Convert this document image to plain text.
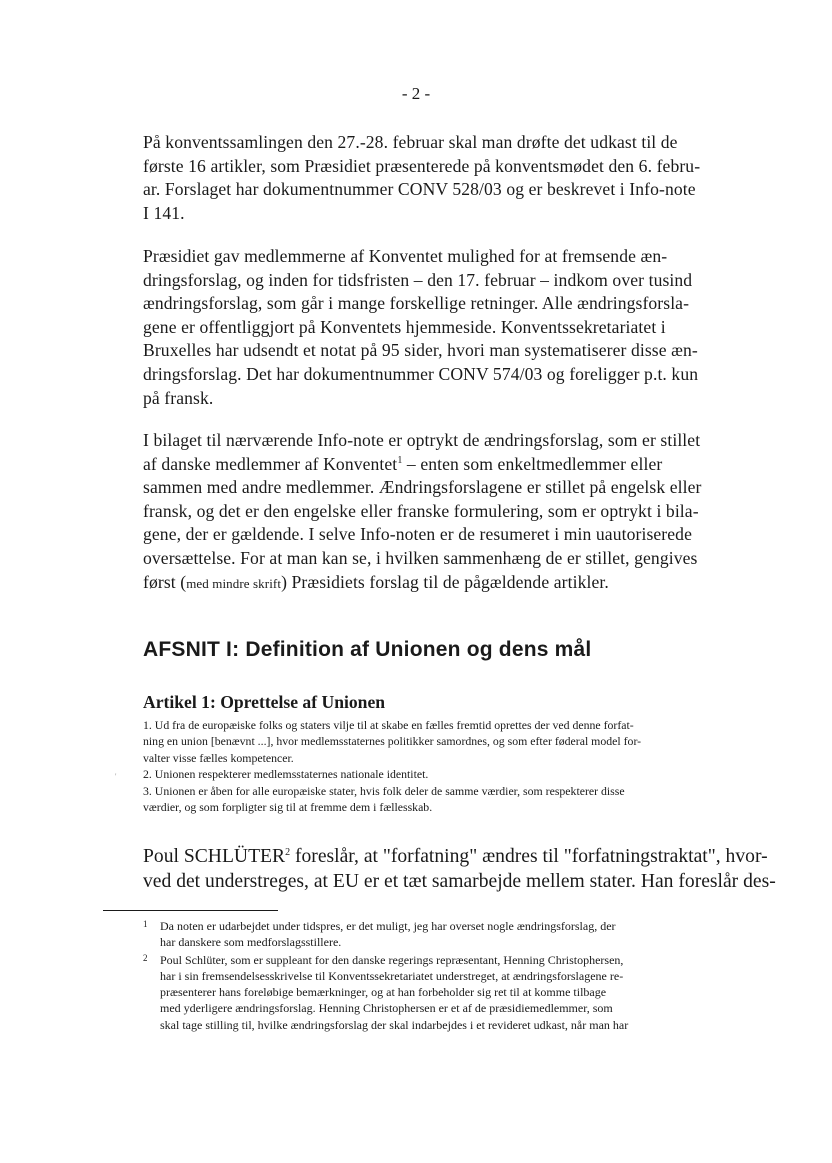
- 2 -

På konventssamlingen den 27.-28. februar skal man drøfte det udkast til de
første 16 artikler, som Præsidiet præsenterede på konventsmødet den 6. febru-
ar. Forslaget har dokumentnummer CONV 528/03 og er beskrevet i Info-note
I 141.

Præsidiet gav medlemmerne af Konventet mulighed for at fremsende æn-
dringsforslag, og inden for tidsfristen – den 17. februar – indkom over tusind
ændringsforslag, som går i mange forskellige retninger. Alle ændringsforsla-
gene er offentliggjort på Konventets hjemmeside. Konventssekretariatet i
Bruxelles har udsendt et notat på 95 sider, hvori man systematiserer disse æn-
dringsforslag. Det har dokumentnummer CONV 574/03 og foreligger p.t. kun
på fransk.

I bilaget til nærværende Info-note er optrykt de ændringsforslag, som er stillet
af danske medlemmer af Konventet$^1$ – enten som enkeltmedlemmer eller
sammen med andre medlemmer. Ændringsforslagene er stillet på engelsk eller
fransk, og det er den engelske eller franske formulering, som er optrykt i bila-
gene, der er gældende. I selve Info-noten er de resumeret i min uautoriserede
oversættelse. For at man kan se, i hvilken sammenhæng de er stillet, gengives
først (med mindre skrift) Præsidiets forslag til de pågældende artikler.

AFSNIT I: Definition af Unionen og dens mål
Artikel 1: Oprettelse af Unionen
1. Ud fra de europæiske folks og staters vilje til at skabe en fælles fremtid oprettes der ved denne forfat-
ning en union [benævnt ...], hvor medlemsstaternes politikker samordnes, og som efter føderal model for-
valter visse fælles kompetencer.
2. Unionen respekterer medlemsstaternes nationale identitet.
3. Unionen er åben for alle europæiske stater, hvis folk deler de samme værdier, som respekterer disse
værdier, og som forpligter sig til at fremme dem i fællesskab.
'

Poul SCHLÜTER$^2$ foreslår, at "forfatning" ændres til "forfatningstraktat", hvor-
ved det understreges, at EU er et tæt samarbejde mellem stater. Han foreslår des-

1 Da noten er udarbejdet under tidspres, er det muligt, jeg har overset nogle ændringsforslag, der
har danskere som medforslagsstillere.
2 Poul Schlüter, som er suppleant for den danske regerings repræsentant, Henning Christophersen,
har i sin fremsendelsesskrivelse til Konventssekretariatet understreget, at ændringsforslagene re-
præsenterer hans foreløbige bemærkninger, og at han forbeholder sig ret til at komme tilbage
med yderligere ændringsforslag. Henning Christophersen er et af de præsidiemedlemmer, som
skal tage stilling til, hvilke ændringsforslag der skal indarbejdes i et revideret udkast, når man har
